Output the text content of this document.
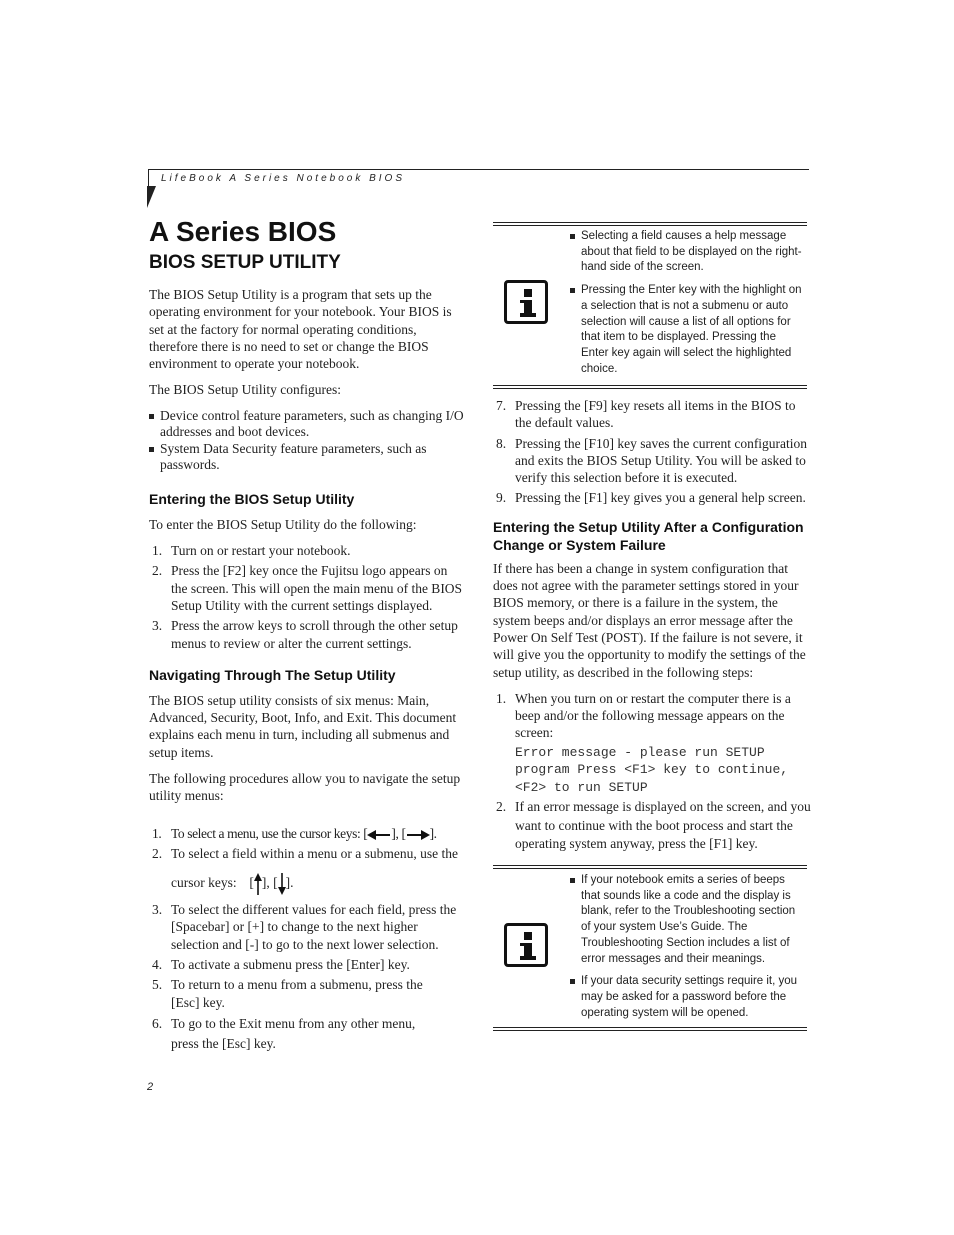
LifeBook A Series Notebook BIOS
A Series BIOS
BIOS SETUP UTILITY

The BIOS Setup Utility is a program that sets up the operating environment for your notebook. Your BIOS is set at the factory for normal operating conditions, therefore there is no need to set or change the BIOS environment to operate your notebook.

The BIOS Setup Utility configures:

Device control feature parameters, such as changing I/O addresses and boot devices.
System Data Security feature parameters, such as passwords.
Entering the BIOS Setup Utility

To enter the BIOS Setup Utility do the following:

1. Turn on or restart your notebook.
2. Press the [F2] key once the Fujitsu logo appears on the screen. This will open the main menu of the BIOS Setup Utility with the current settings displayed.
3. Press the arrow keys to scroll through the other setup menus to review or alter the current settings.
Navigating Through The Setup Utility

The BIOS setup utility consists of six menus: Main, Advanced, Security, Boot, Info, and Exit. This document explains each menu in turn, including all submenus and setup items.

The following procedures allow you to navigate the setup utility menus:

1. To select a menu, use the cursor keys: [ ], [ ].
2. To select a field within a menu or a submenu, use the
cursor keys: [ ], [ ].
3. To select the different values for each field, press the [Spacebar] or [+] to change to the next higher selection and [-] to go to the next lower selection.
4. To activate a submenu press the [Enter] key.
5. To return to a menu from a submenu, press the [Esc] key.
6. To go to the Exit menu from any other menu, press the [Esc] key.
Selecting a field causes a help message about that field to be displayed on the right-hand side of the screen.
Pressing the Enter key with the highlight on a selection that is not a submenu or auto selection will cause a list of all options for that item to be displayed. Pressing the Enter key again will select the highlighted choice.
7. Pressing the [F9] key resets all items in the BIOS to the default values.
8. Pressing the [F10] key saves the current configuration and exits the BIOS Setup Utility. You will be asked to verify this selection before it is executed.
9. Pressing the [F1] key gives you a general help screen.
Entering the Setup Utility After a Configuration Change or System Failure

If there has been a change in system configuration that does not agree with the parameter settings stored in your BIOS memory, or there is a failure in the system, the system beeps and/or displays an error message after the Power On Self Test (POST). If the failure is not severe, it will give you the opportunity to modify the settings of the setup utility, as described in the following steps:

1. When you turn on or restart the computer there is a beep and/or the following message appears on the screen:
Error message - please run SETUP
program Press <F1> key to continue,
<F2> to run SETUP
2. If an error message is displayed on the screen, and you want to continue with the boot process and start the operating system anyway, press the [F1] key.
If your notebook emits a series of beeps that sounds like a code and the display is blank, refer to the Troubleshooting section of your system Use’s Guide. The Troubleshooting Section includes a list of error messages and their meanings.
If your data security settings require it, you may be asked for a password before the operating system will be opened.
2
